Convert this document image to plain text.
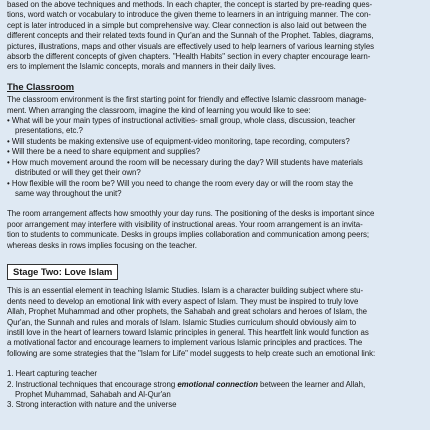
based on the above techniques and methods. In each chapter, the concept is started by pre-reading ques-
tions, word watch or vocabulary to introduce the given theme to learners in an intriguing manner. The con-
cept is later introduced in a simple but comprehensive way. Clear connection is also laid out between the
different concepts and their related texts found in Qur'an and the Sunnah of the Prophet. Tables, diagrams,
pictures, illustrations, maps and other visuals are effectively used to help learners of various learning styles
absorb the different concepts of given chapters. "Health Habits" section in every chapter encourage learn-
ers to implement the Islamic concepts, morals and manners in their daily lives.
The Classroom
The classroom environment is the first starting point for friendly and effective Islamic classroom manage-
ment. When arranging the classroom, imagine the kind of learning you would like to see:
• What will be your main types of instructional activities- small group, whole class, discussion, teacher
presentations, etc.?
• Will students be making extensive use of equipment-video monitoring, tape recording, computers?
• Will there be a need to share equipment and supplies?
• How much movement around the room will be necessary during the day? Will students have materials
distributed or will they get their own?
• How flexible will the room be? Will you need to change the room every day or will the room stay the
same way throughout the unit?
The room arrangement affects how smoothly your day runs. The positioning of the desks is important since
poor arrangement may interfere with visibility of instructional areas. Your room arrangement is an invita-
tion to students to communicate. Desks in groups implies collaboration and communication among peers;
whereas desks in rows implies focusing on the teacher.
Stage Two: Love Islam
This is an essential element in teaching Islamic Studies. Islam is a character building subject where stu-
dents need to develop an emotional link with every aspect of Islam. They must be inspired to truly love
Allah, Prophet Muhammad and other prophets, the Sahabah and great scholars and heroes of Islam, the
Qur'an, the Sunnah and rules and morals of Islam. Islamic Studies curriculum should obviously aim to
instill love in the heart of learners toward Islamic principles in general. This heartfelt link would function as
a motivational factor and encourage learners to implement various Islamic principles and practices. The
following are some strategies that the "Islam for Life" model suggests to help create such an emotional link:
1. Heart capturing teacher
2. Instructional techniques that encourage strong emotional connection between the learner and Allah,
Prophet Muhammad, Sahabah and Al-Qur'an
3. Strong interaction with nature and the universe
